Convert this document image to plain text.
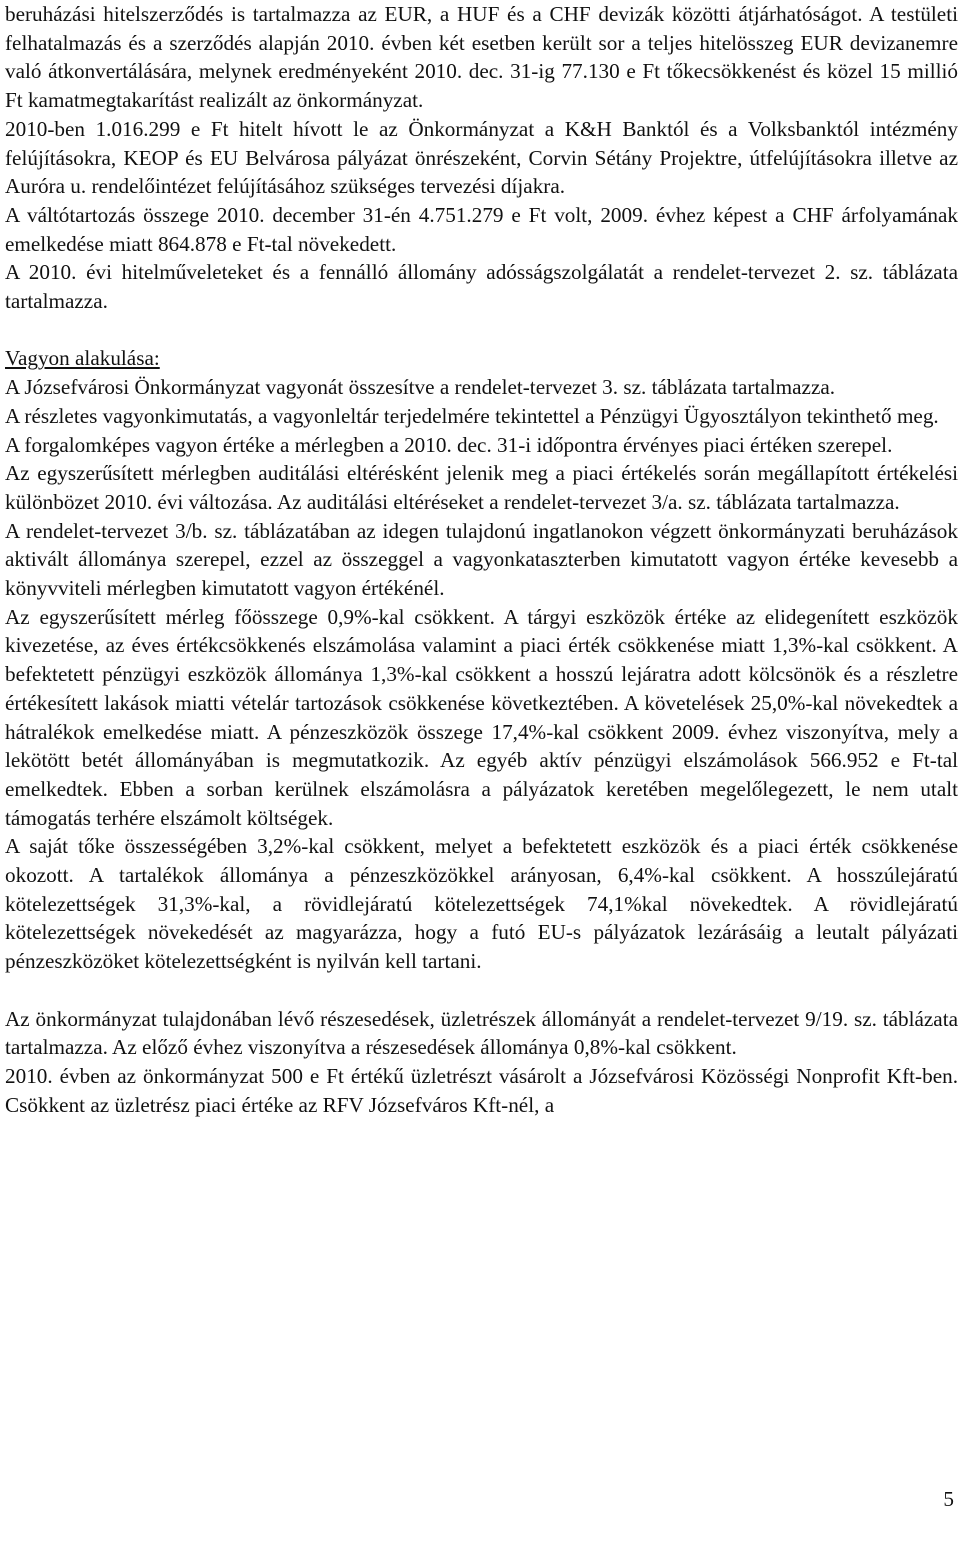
beruházási hitelszerződés is tartalmazza az EUR, a HUF és a CHF devizák közötti átjárhatóságot. A testületi felhatalmazás és a szerződés alapján 2010. évben két esetben került sor a teljes hitelösszeg EUR devizanemre való átkonvertálására, melynek eredményeként 2010. dec. 31-ig 77.130 e Ft tőkecsökkenést és közel 15 millió Ft kamatmegtakarítást realizált az önkormányzat.

2010-ben 1.016.299 e Ft hitelt hívott le az Önkormányzat a K&H Banktól és a Volksbanktól intézmény felújításokra, KEOP és EU Belvárosa pályázat önrészeként, Corvin Sétány Projektre, útfelújításokra illetve az Auróra u. rendelőintézet felújításához szükséges tervezési díjakra.

A váltótartozás összege 2010. december 31-én 4.751.279 e Ft volt, 2009. évhez képest a CHF árfolyamának emelkedése miatt 864.878 e Ft-tal növekedett.

A 2010. évi hitelműveleteket és a fennálló állomány adósságszolgálatát a rendelet-tervezet 2. sz. táblázata tartalmazza.

Vagyon alakulása:

A Józsefvárosi Önkormányzat vagyonát összesítve a rendelet-tervezet 3. sz. táblázata tartalmazza.

A részletes vagyonkimutatás, a vagyonleltár terjedelmére tekintettel a Pénzügyi Ügyosztályon tekinthető meg.

A forgalomképes vagyon értéke a mérlegben a 2010. dec. 31-i időpontra érvényes piaci értéken szerepel.

Az egyszerűsített mérlegben auditálási eltérésként jelenik meg a piaci értékelés során megállapított értékelési különbözet 2010. évi változása. Az auditálási eltéréseket a rendelet-tervezet 3/a. sz. táblázata tartalmazza.

A rendelet-tervezet 3/b. sz. táblázatában az idegen tulajdonú ingatlanokon végzett önkormányzati beruházások aktivált állománya szerepel, ezzel az összeggel a vagyonkataszterben kimutatott vagyon értéke kevesebb a könyvviteli mérlegben kimutatott vagyon értékénél.

Az egyszerűsített mérleg főösszege 0,9%-kal csökkent. A tárgyi eszközök értéke az elidegenített eszközök kivezetése, az éves értékcsökkenés elszámolása valamint a piaci érték csökkenése miatt 1,3%-kal csökkent. A befektetett pénzügyi eszközök állománya 1,3%-kal csökkent a hosszú lejáratra adott kölcsönök és a részletre értékesített lakások miatti vételár tartozások csökkenése következtében. A követelések 25,0%-kal növekedtek a hátralékok emelkedése miatt. A pénzeszközök összege 17,4%-kal csökkent 2009. évhez viszonyítva, mely a lekötött betét állományában is megmutatkozik. Az egyéb aktív pénzügyi elszámolások 566.952 e Ft-tal emelkedtek. Ebben a sorban kerülnek elszámolásra a pályázatok keretében megelőlegezett, le nem utalt támogatás terhére elszámolt költségek.

A saját tőke összességében 3,2%-kal csökkent, melyet a befektetett eszközök és a piaci érték csökkenése okozott. A tartalékok állománya a pénzeszközökkel arányosan, 6,4%-kal csökkent. A hosszúlejáratú kötelezettségek 31,3%-kal, a rövidlejáratú kötelezettségek 74,1%kal növekedtek. A rövidlejáratú kötelezettségek növekedését az magyarázza, hogy a futó EU-s pályázatok lezárásáig a leutalt pályázati pénzeszközöket kötelezettségként is nyilván kell tartani.

Az önkormányzat tulajdonában lévő részesedések, üzletrészek állományát a rendelet-tervezet 9/19. sz. táblázata tartalmazza. Az előző évhez viszonyítva a részesedések állománya 0,8%-kal csökkent.

2010. évben az önkormányzat 500 e Ft értékű üzletrészt vásárolt a Józsefvárosi Közösségi Nonprofit Kft-ben. Csökkent az üzletrész piaci értéke az RFV Józsefváros Kft-nél, a

5
